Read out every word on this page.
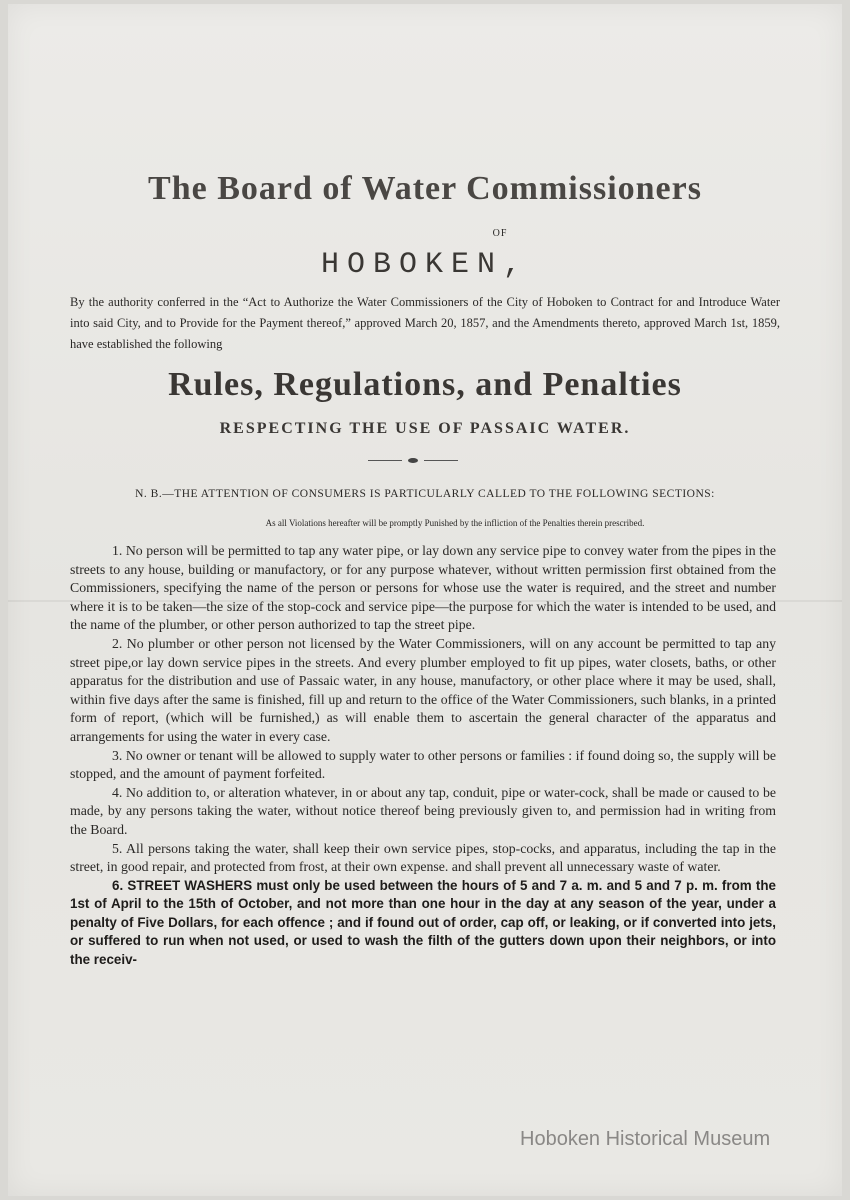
The Board of Water Commissioners
OF
HOBOKEN,
By the authority conferred in the “Act to Authorize the Water Commissioners of the City of Hoboken to Contract for and Introduce Water into said City, and to Provide for the Payment thereof,” approved March 20, 1857, and the Amendments thereto, approved March 1st, 1859, have established the following
Rules, Regulations, and Penalties
RESPECTING THE USE OF PASSAIC WATER.
N. B.—THE ATTENTION OF CONSUMERS IS PARTICULARLY CALLED TO THE FOLLOWING SECTIONS:
As all Violations hereafter will be promptly Punished by the infliction of the Penalties therein prescribed.

1. No person will be permitted to tap any water pipe, or lay down any service pipe to convey water from the pipes in the streets to any house, building or manufactory, or for any purpose whatever, without written permission first obtained from the Commissioners, specifying the name of the person or persons for whose use the water is required, and the street and number where it is to be taken—the size of the stop-cock and service pipe—the purpose for which the water is intended to be used, and the name of the plumber, or other person authorized to tap the street pipe.

2. No plumber or other person not licensed by the Water Commissioners, will on any account be permitted to tap any street pipe,or lay down service pipes in the streets. And every plumber employed to fit up pipes, water closets, baths, or other apparatus for the distribution and use of Passaic water, in any house, manufactory, or other place where it may be used, shall, within five days after the same is finished, fill up and return to the office of the Water Commissioners, such blanks, in a printed form of report, (which will be furnished,) as will enable them to ascertain the general character of the apparatus and arrangements for using the water in every case.

3. No owner or tenant will be allowed to supply water to other persons or families : if found doing so, the supply will be stopped, and the amount of payment forfeited.

4. No addition to, or alteration whatever, in or about any tap, conduit, pipe or water-cock, shall be made or caused to be made, by any persons taking the water, without notice thereof being previously given to, and permission had in writing from the Board.

5. All persons taking the water, shall keep their own service pipes, stop-cocks, and apparatus, including the tap in the street, in good repair, and protected from frost, at their own expense. and shall prevent all unnecessary waste of water.

6. STREET WASHERS must only be used between the hours of 5 and 7 a. m. and 5 and 7 p. m. from the 1st of April to the 15th of October, and not more than one hour in the day at any season of the year, under a penalty of Five Dollars, for each offence ; and if found out of order, cap off, or leaking, or if converted into jets, or suffered to run when not used, or used to wash the filth of the gutters down upon their neighbors, or into the receiv-

Hoboken Historical Museum
